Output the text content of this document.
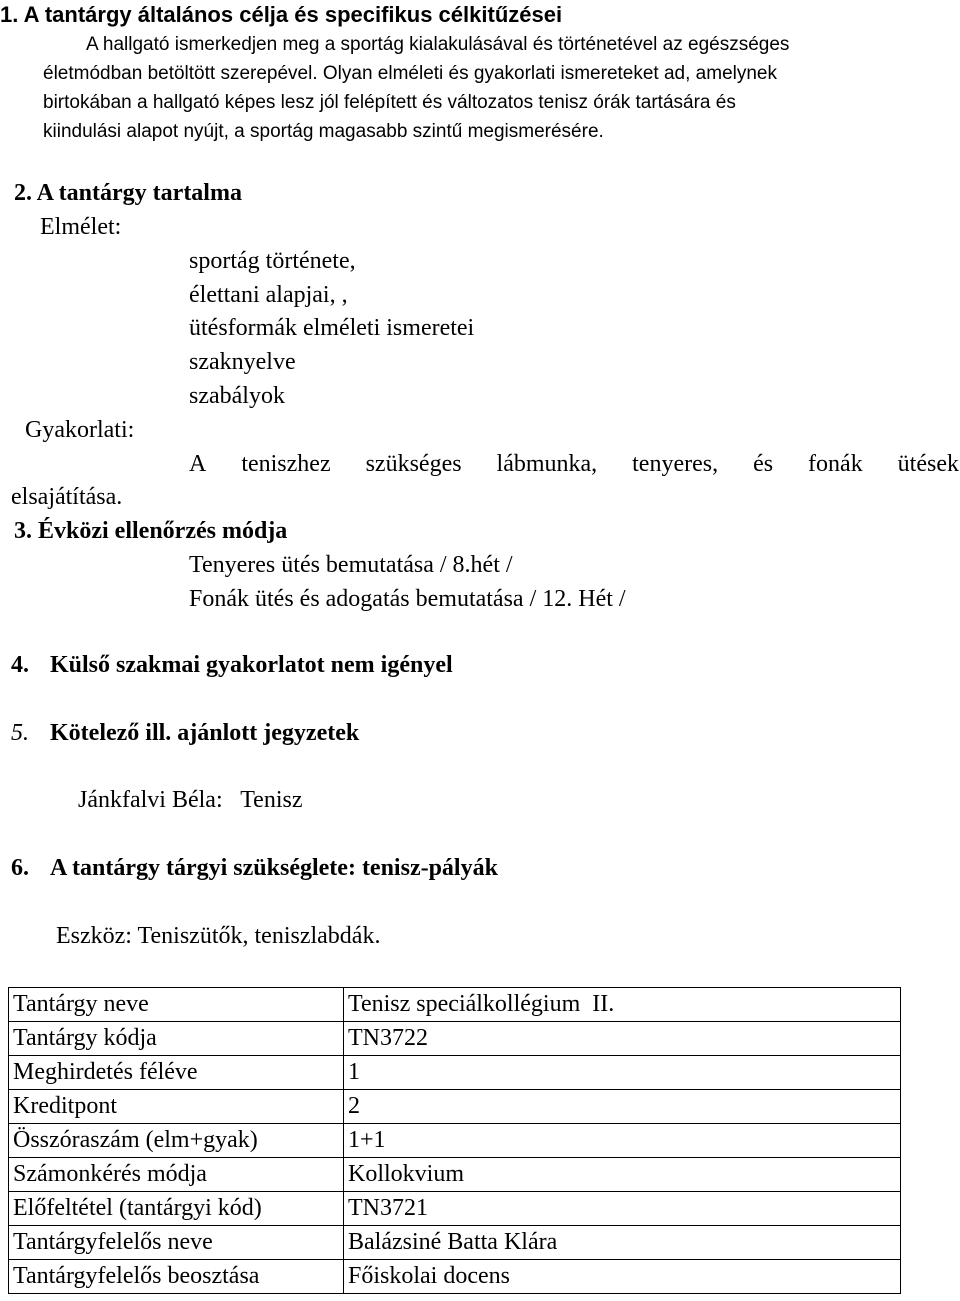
1. A tantárgy általános célja és specifikus célkitűzései
A hallgató ismerkedjen meg a sportág kialakulásával és történetével az egészséges
életmódban betöltött szerepével. Olyan elméleti és gyakorlati ismereteket ad, amelynek
birtokában a hallgató képes lesz jól felépített és változatos tenisz órák tartására és
kiindulási alapot nyújt, a sportág magasabb szintű megismerésére.
2. A tantárgy tartalma
Elmélet:
sportág története,
élettani alapjai, ,
ütésformák elméleti ismeretei
szaknyelve
szabályok
Gyakorlati:
A teniszhez szükséges lábmunka, tenyeres, és fonák ütések
elsajátítása.
3. Évközi ellenőrzés módja
Tenyeres ütés bemutatása / 8.hét /
Fonák ütés és adogatás bemutatása / 12. Hét /
4. Külső szakmai gyakorlatot nem igényel
5. Kötelező ill. ajánlott jegyzetek
Jánkfalvi Béla:   Tenisz
6. A tantárgy tárgyi szükséglete: tenisz-pályák
Eszköz: Teniszütők, teniszlabdák.
Tantárgy neve	Tenisz speciálkollégium  II.
Tantárgy kódja	TN3722
Meghirdetés féléve	1
Kreditpont	2
Összóraszám (elm+gyak)	1+1
Számonkérés módja	Kollokvium
Előfeltétel (tantárgyi kód)	TN3721
Tantárgyfelelős neve	Balázsiné Batta Klára
Tantárgyfelelős beosztása	Főiskolai docens
